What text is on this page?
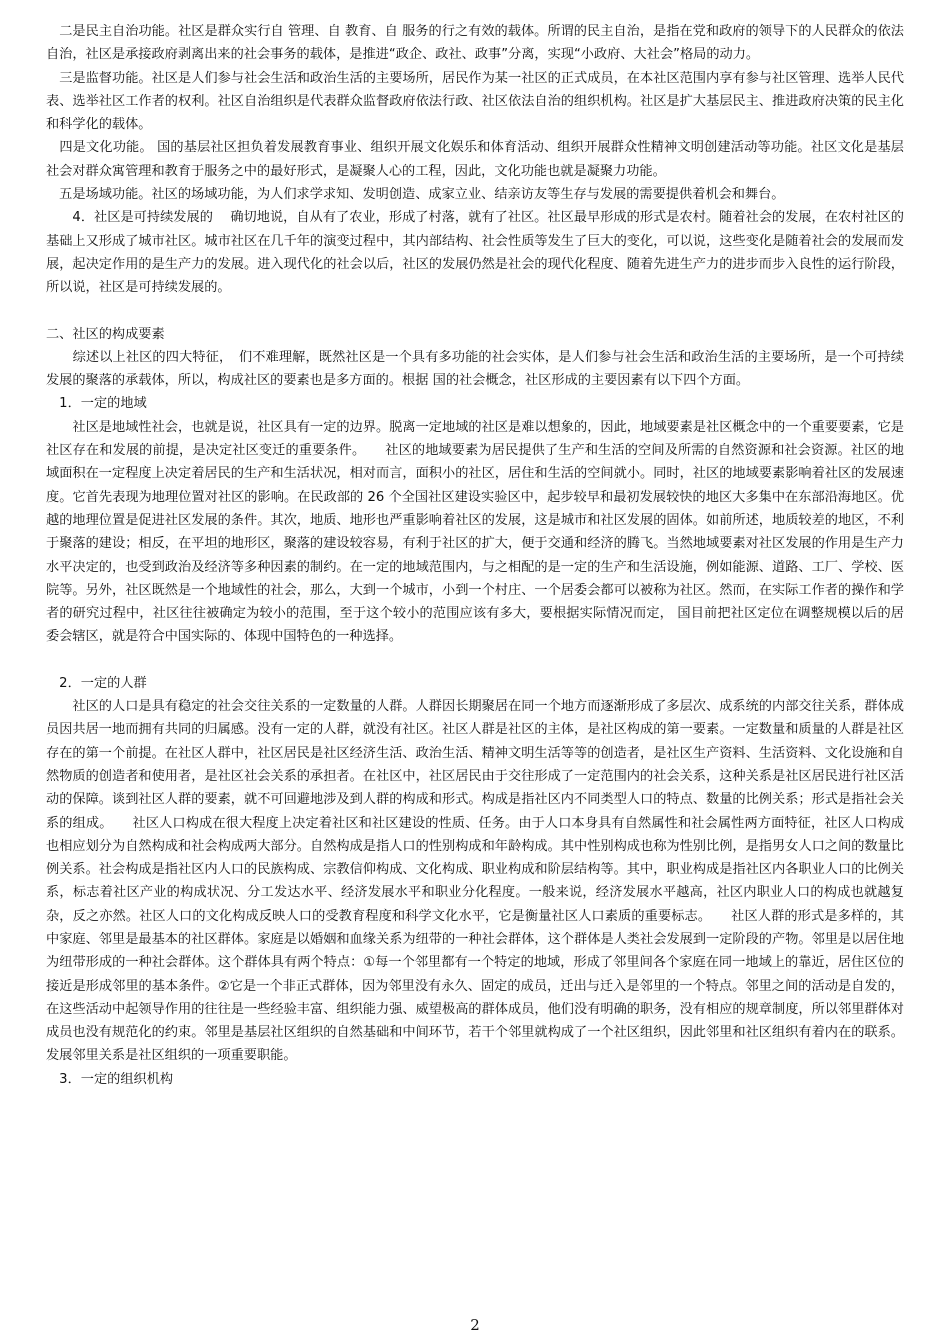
　二是民主自治功能。社区是群众实行自 管理、自 教育、自 服务的行之有效的载体。所谓的民主自治，是指在党和政府的领导下的人民群众的依法自治，社区是承接政府剥离出来的社会事务的载体，是推进“政企、政社、政事”分离，实现“小政府、大社会”格局的动力。

　三是监督功能。社区是人们参与社会生活和政治生活的主要场所，居民作为某一社区的正式成员，在本社区范围内享有参与社区管理、选举人民代表、选举社区工作者的权利。社区自治组织是代表群众监督政府依法行政、社区依法自治的组织机构。社区是扩大基层民主、推进政府决策的民主化和科学化的载体。

　四是文化功能。 国的基层社区担负着发展教育事业、组织开展文化娱乐和体育活动、组织开展群众性精神文明创建活动等功能。社区文化是基层社会对群众寓管理和教育于服务之中的最好形式，是凝聚人心的工程，因此，文化功能也就是凝聚力功能。

　五是场域功能。社区的场域功能，为人们求学求知、发明创造、成家立业、结亲访友等生存与发展的需要提供着机会和舞台。

　　4．社区是可持续发展的　 确切地说，自从有了农业，形成了村落，就有了社区。社区最早形成的形式是农村。随着社会的发展，在农村社区的基础上又形成了城市社区。城市社区在几千年的演变过程中，其内部结构、社会性质等发生了巨大的变化，可以说，这些变化是随着社会的发展而发展，起决定作用的是生产力的发展。进入现代化的社会以后，社区的发展仍然是社会的现代化程度、随着先进生产力的进步而步入良性的运行阶段，所以说，社区是可持续发展的。

二、社区的构成要素

　　综述以上社区的四大特征，　们不难理解，既然社区是一个具有多功能的社会实体，是人们参与社会生活和政治生活的主要场所，是一个可持续发展的聚落的承载体，所以，构成社区的要素也是多方面的。根据 国的社会概念，社区形成的主要因素有以下四个方面。

　1．一定的地域

　　社区是地域性社会，也就是说，社区具有一定的边界。脱离一定地域的社区是难以想象的，因此，地域要素是社区概念中的一个重要要素，它是社区存在和发展的前提，是决定社区变迁的重要条件。　　社区的地域要素为居民提供了生产和生活的空间及所需的自然资源和社会资源。社区的地域面积在一定程度上决定着居民的生产和生活状况，相对而言，面积小的社区，居住和生活的空间就小。同时，社区的地域要素影响着社区的发展速度。它首先表现为地理位置对社区的影响。在民政部的 26 个全国社区建设实验区中，起步较早和最初发展较快的地区大多集中在东部沿海地区。优越的地理位置是促进社区发展的条件。其次，地质、地形也严重影响着社区的发展，这是城市和社区发展的固体。如前所述，地质较差的地区，不利于聚落的建设；相反，在平坦的地形区，聚落的建设较容易，有利于社区的扩大，便于交通和经济的腾飞。当然地域要素对社区发展的作用是生产力水平决定的，也受到政治及经济等多种因素的制约。在一定的地域范围内，与之相配的是一定的生产和生活设施，例如能源、道路、工厂、学校、医院等。另外，社区既然是一个地域性的社会，那么，大到一个城市，小到一个村庄、一个居委会都可以被称为社区。然而，在实际工作者的操作和学者的研究过程中，社区往往被确定为较小的范围，至于这个较小的范围应该有多大，要根据实际情况而定， 国目前把社区定位在调整规模以后的居委会辖区，就是符合中国实际的、体现中国特色的一种选择。

　2．一定的人群

　　社区的人口是具有稳定的社会交往关系的一定数量的人群。人群因长期聚居在同一个地方而逐渐形成了多层次、成系统的内部交往关系，群体成员因共居一地而拥有共同的归属感。没有一定的人群，就没有社区。社区人群是社区的主体，是社区构成的第一要素。一定数量和质量的人群是社区存在的第一个前提。在社区人群中，社区居民是社区经济生活、政治生活、精神文明生活等等的创造者，是社区生产资料、生活资料、文化设施和自然物质的创造者和使用者，是社区社会关系的承担者。在社区中，社区居民由于交往形成了一定范围内的社会关系，这种关系是社区居民进行社区活动的保障。谈到社区人群的要素，就不可回避地涉及到人群的构成和形式。构成是指社区内不同类型人口的特点、数量的比例关系；形式是指社会关系的组成。　　社区人口构成在很大程度上决定着社区和社区建设的性质、任务。由于人口本身具有自然属性和社会属性两方面特征，社区人口构成也相应划分为自然构成和社会构成两大部分。自然构成是指人口的性别构成和年龄构成。其中性别构成也称为性别比例，是指男女人口之间的数量比例关系。社会构成是指社区内人口的民族构成、宗教信仰构成、文化构成、职业构成和阶层结构等。其中，职业构成是指社区内各职业人口的比例关系，标志着社区产业的构成状况、分工发达水平、经济发展水平和职业分化程度。一般来说，经济发展水平越高，社区内职业人口的构成也就越复杂，反之亦然。社区人口的文化构成反映人口的受教育程度和科学文化水平，它是衡量社区人口素质的重要标志。　　社区人群的形式是多样的，其中家庭、邻里是最基本的社区群体。家庭是以婚姻和血缘关系为纽带的一种社会群体，这个群体是人类社会发展到一定阶段的产物。邻里是以居住地为纽带形成的一种社会群体。这个群体具有两个特点：①每一个邻里都有一个特定的地域，形成了邻里间各个家庭在同一地域上的靠近，居住区位的接近是形成邻里的基本条件。②它是一个非正式群体，因为邻里没有永久、固定的成员，迁出与迁入是邻里的一个特点。邻里之间的活动是自发的，在这些活动中起领导作用的往往是一些经验丰富、组织能力强、威望极高的群体成员，他们没有明确的职务，没有相应的规章制度，所以邻里群体对成员也没有规范化的约束。邻里是基层社区组织的自然基础和中间环节，若干个邻里就构成了一个社区组织，因此邻里和社区组织有着内在的联系。发展邻里关系是社区组织的一项重要职能。

　3．一定的组织机构

2
